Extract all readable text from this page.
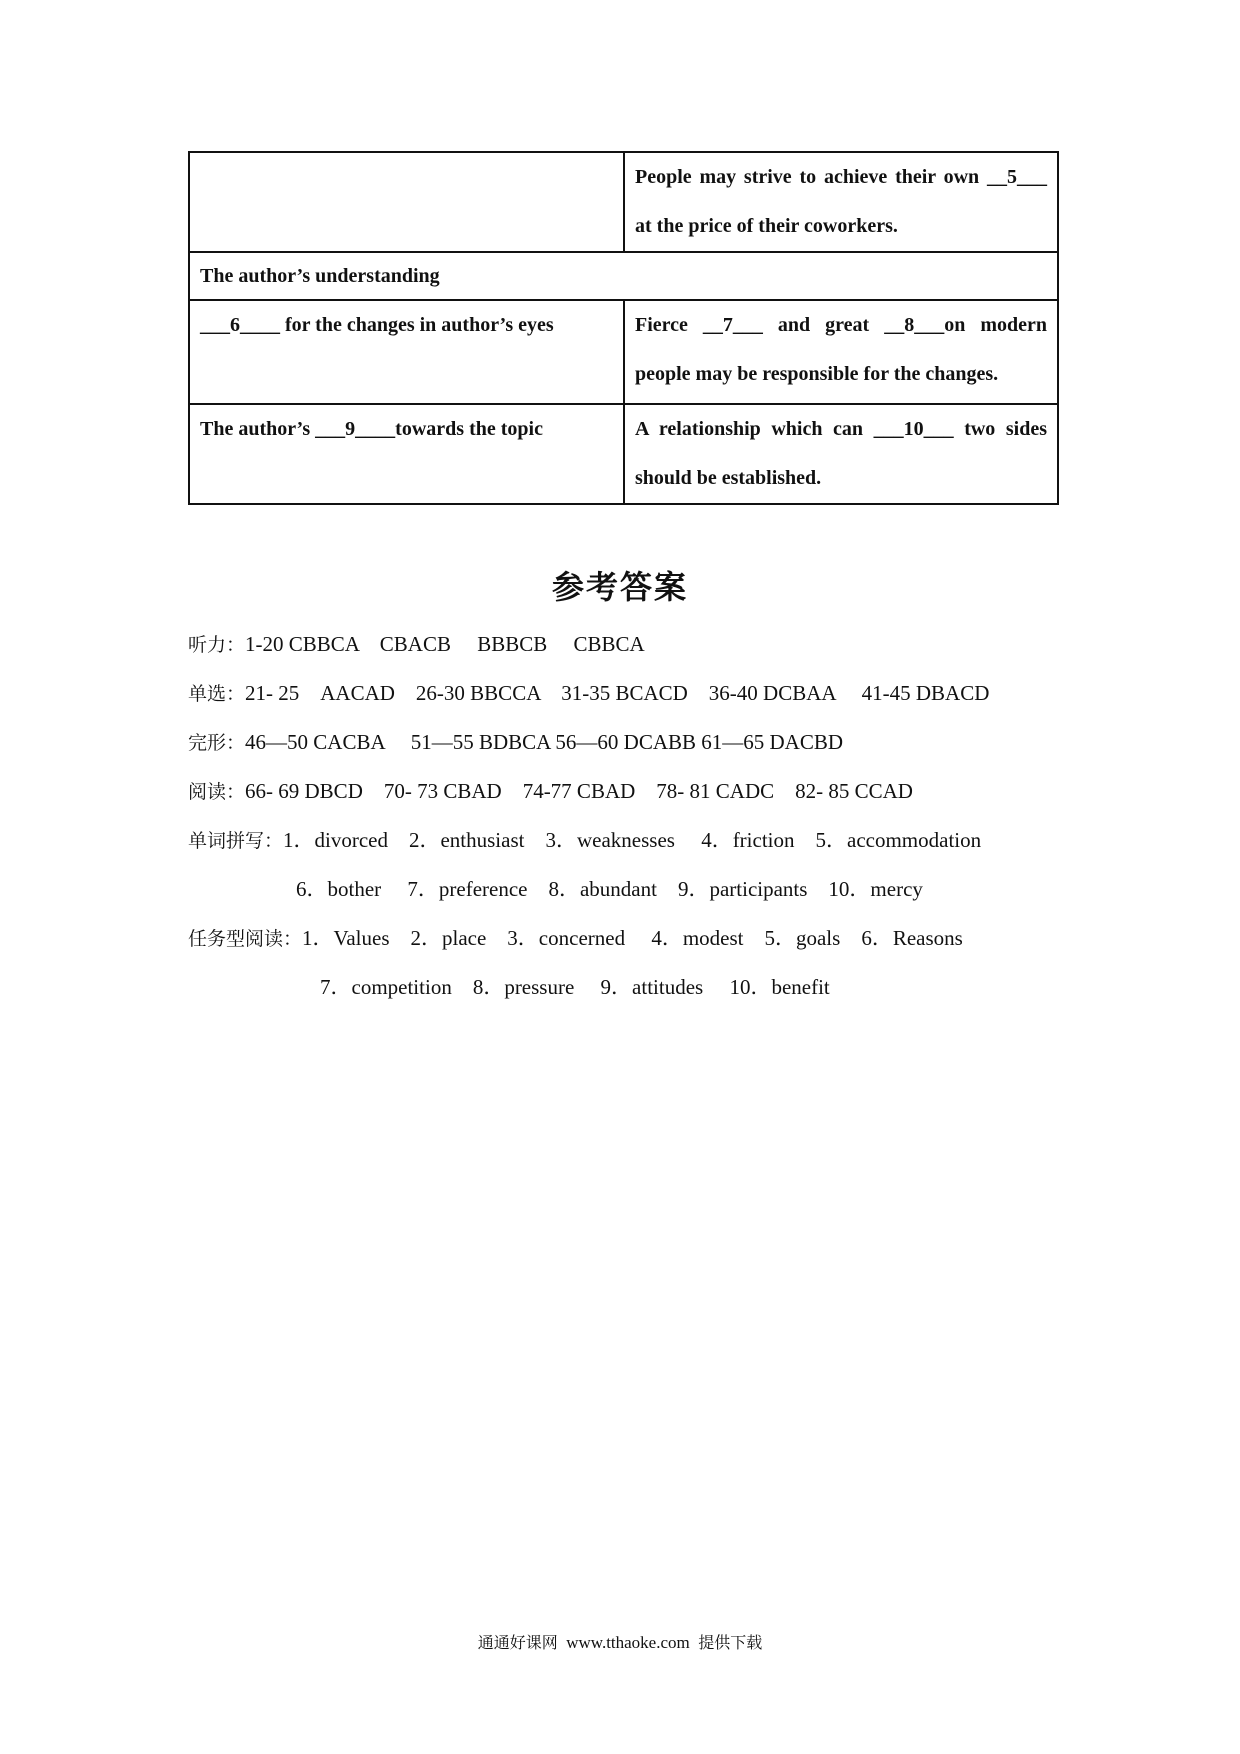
	People may strive to achieve their own __5___ at the price of their coworkers.
The author’s understanding	
___6____ for the changes in author’s eyes	Fierce __7___ and great __8___on modern people may be responsible for the changes.
The author’s ___9____towards the topic	A relationship which can ___10___ two sides should be established.
参考答案
听力：1-20 CBBCA    CBACB     BBBCB     CBBCA
单选：21- 25    AACAD    26-30 BBCCA    31-35 BCACD    36-40 DCBAA     41-45 DBACD
完形：46—50 CACBA     51—55 BDBCA 56—60 DCABB 61—65 DACBD
阅读：66- 69 DBCD    70- 73 CBAD    74-77 CBAD    78- 81 CADC    82- 85 CCAD
单词拼写：1．divorced    2．enthusiast    3．weaknesses     4．friction    5．accommodation
6．bother     7．preference    8．abundant    9．participants    10．mercy
任务型阅读：1．Values    2．place    3．concerned     4．modest    5．goals    6．Reasons
7．competition    8．pressure     9．attitudes     10．benefit
通通好课网 www.tthaoke.com 提供下载
